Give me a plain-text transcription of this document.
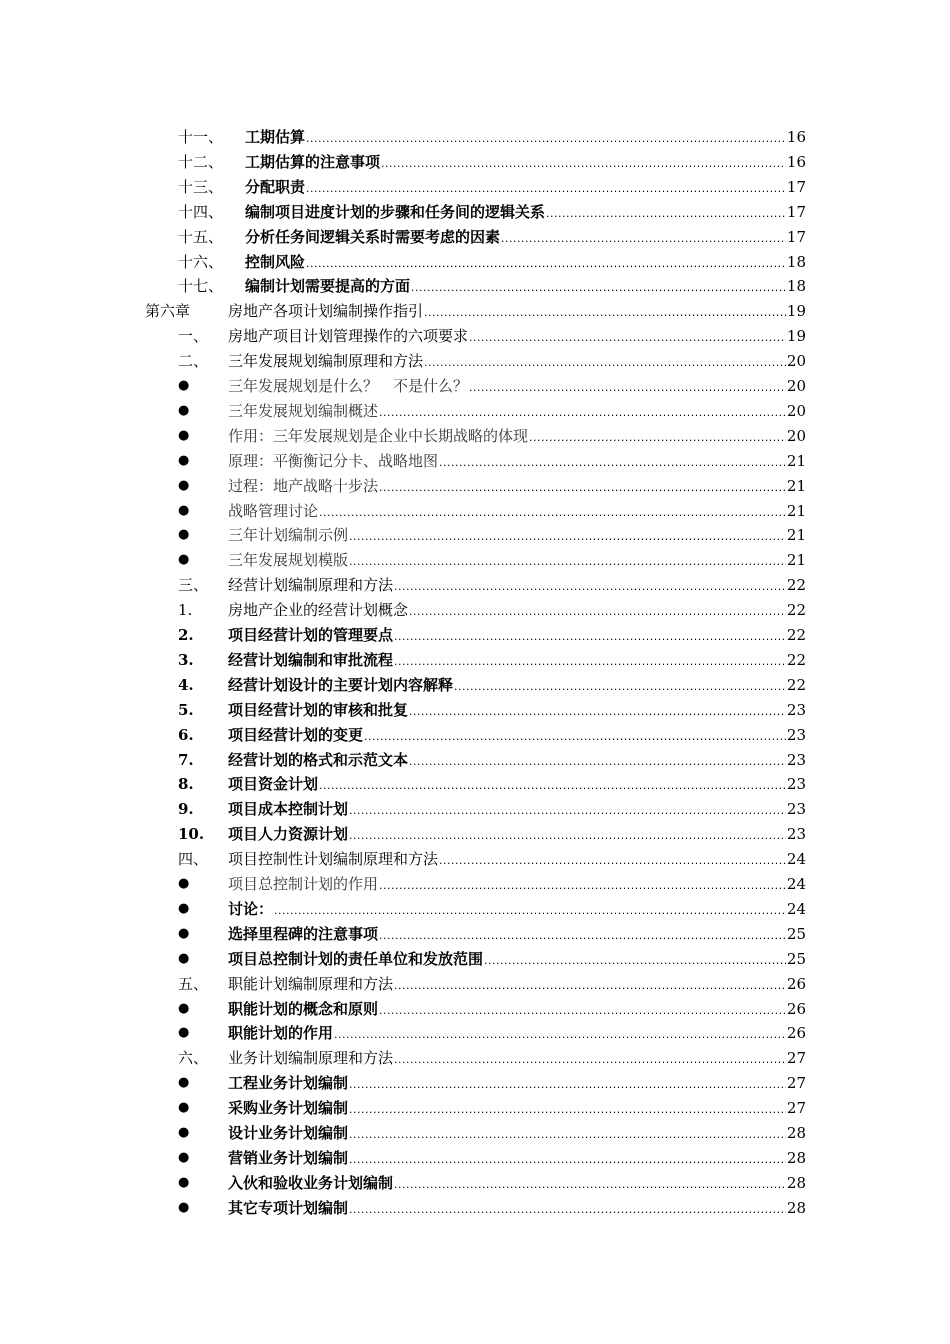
十一、 工期估算 .....	16
十二、 工期估算的注意事项 .....	16
十三、 分配职责 .....	17
十四、 编制项目进度计划的步骤和任务间的逻辑关系 .....	17
十五、 分析任务间逻辑关系时需要考虑的因素 .....	17
十六、 控制风险 .....	18
十七、 编制计划需要提高的方面 .....	18
第六章	房地产各项计划编制操作指引 .....	19
一、 房地产项目计划管理操作的六项要求 .....	19
二、 三年发展规划编制原理和方法 .....	20
●	三年发展规划是什么？　不是什么？ .....	20
●	三年发展规划编制概述 .....	20
●	作用：三年发展规划是企业中长期战略的体现 .....	20
●	原理：平衡衡记分卡、战略地图 .....	21
●	过程：地产战略十步法 .....	21
●	战略管理讨论 .....	21
●	三年计划编制示例 .....	21
●	三年发展规划模版 .....	21
三、 经营计划编制原理和方法 .....	22
1. 房地产企业的经营计划概念 .....	22
2. 项目经营计划的管理要点 .....	22
3. 经营计划编制和审批流程 .....	22
4. 经营计划设计的主要计划内容解释 .....	22
5. 项目经营计划的审核和批复 .....	23
6. 项目经营计划的变更 .....	23
7. 经营计划的格式和示范文本 .....	23
8. 项目资金计划 .....	23
9. 项目成本控制计划 .....	23
10. 项目人力资源计划 .....	23
四、 项目控制性计划编制原理和方法 .....	24
●	项目总控制计划的作用 .....	24
●	讨论： .....	24
●	选择里程碑的注意事项 .....	25
●	项目总控制计划的责任单位和发放范围 .....	25
五、 职能计划编制原理和方法 .....	26
●	职能计划的概念和原则 .....	26
●	职能计划的作用 .....	26
六、 业务计划编制原理和方法 .....	27
●	工程业务计划编制 .....	27
●	采购业务计划编制 .....	27
●	设计业务计划编制 .....	28
●	营销业务计划编制 .....	28
●	入伙和验收业务计划编制 .....	28
●	其它专项计划编制 .....	28
